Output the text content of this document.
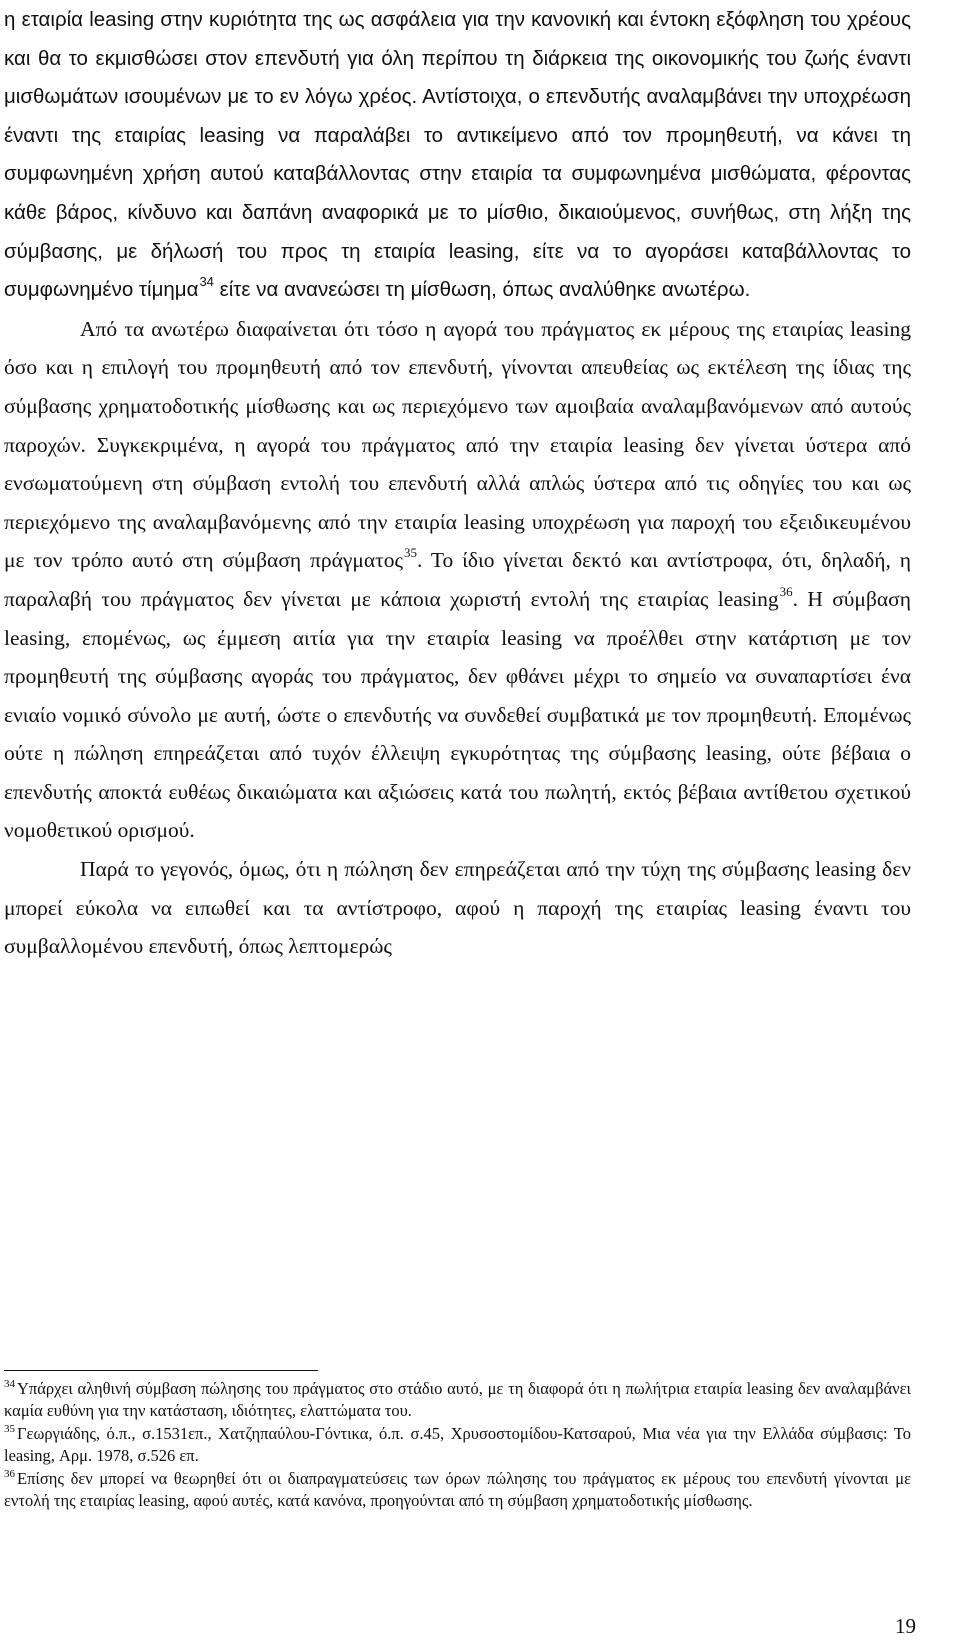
η εταιρία leasing στην κυριότητα της ως ασφάλεια για την κανονική και έντοκη εξόφληση του χρέους και θα το εκμισθώσει στον επενδυτή για όλη περίπου τη διάρκεια της οικονομικής του ζωής έναντι μισθωμάτων ισουμένων με το εν λόγω χρέος. Αντίστοιχα, ο επενδυτής αναλαμβάνει την υποχρέωση έναντι της εταιρίας leasing να παραλάβει το αντικείμενο από τον προμηθευτή, να κάνει τη συμφωνημένη χρήση αυτού καταβάλλοντας στην εταιρία τα συμφωνημένα μισθώματα, φέροντας κάθε βάρος, κίνδυνο και δαπάνη αναφορικά με το μίσθιο, δικαιούμενος, συνήθως, στη λήξη της σύμβασης, με δήλωσή του προς τη εταιρία leasing, είτε να το αγοράσει καταβάλλοντας το συμφωνημένο τίμημα$^{34}$ είτε να ανανεώσει τη μίσθωση, όπως αναλύθηκε ανωτέρω.

Από τα ανωτέρω διαφαίνεται ότι τόσο η αγορά του πράγματος εκ μέρους της εταιρίας leasing όσο και η επιλογή του προμηθευτή από τον επενδυτή, γίνονται απευθείας ως εκτέλεση της ίδιας της σύμβασης χρηματοδοτικής μίσθωσης και ως περιεχόμενο των αμοιβαία αναλαμβανόμενων από αυτούς παροχών. Συγκεκριμένα, η αγορά του πράγματος από την εταιρία leasing δεν γίνεται ύστερα από ενσωματούμενη στη σύμβαση εντολή του επενδυτή αλλά απλώς ύστερα από τις οδηγίες του και ως περιεχόμενο της αναλαμβανόμενης από την εταιρία leasing υποχρέωση για παροχή του εξειδικευμένου με τον τρόπο αυτό στη σύμβαση πράγματος$^{35}$. Το ίδιο γίνεται δεκτό και αντίστροφα, ότι, δηλαδή, η παραλαβή του πράγματος δεν γίνεται με κάποια χωριστή εντολή της εταιρίας leasing$^{36}$. Η σύμβαση leasing, επομένως, ως έμμεση αιτία για την εταιρία leasing να προέλθει στην κατάρτιση με τον προμηθευτή της σύμβασης αγοράς του πράγματος, δεν φθάνει μέχρι το σημείο να συναπαρτίσει ένα ενιαίο νομικό σύνολο με αυτή, ώστε ο επενδυτής να συνδεθεί συμβατικά με τον προμηθευτή. Επομένως ούτε η πώληση επηρεάζεται από τυχόν έλλειψη εγκυρότητας της σύμβασης leasing, ούτε βέβαια ο επενδυτής αποκτά ευθέως δικαιώματα και αξιώσεις κατά του πωλητή, εκτός βέβαια αντίθετου σχετικού νομοθετικού ορισμού.

Παρά το γεγονός, όμως, ότι η πώληση δεν επηρεάζεται από την τύχη της σύμβασης leasing δεν μπορεί εύκολα να ειπωθεί και τα αντίστροφο, αφού η παροχή της εταιρίας leasing έναντι του συμβαλλομένου επενδυτή, όπως λεπτομερώς

$^{34}$ Υπάρχει αληθινή σύμβαση πώλησης του πράγματος στο στάδιο αυτό, με τη διαφορά ότι η πωλήτρια εταιρία leasing δεν αναλαμβάνει καμία ευθύνη για την κατάσταση, ιδιότητες, ελαττώματα του.

$^{35}$ Γεωργιάδης, ό.π., σ.1531επ., Χατζηπαύλου-Γόντικα, ό.π. σ.45, Χρυσοστομίδου-Κατσαρού, Μια νέα για την Ελλάδα σύμβασις: Το leasing, Αρμ. 1978, σ.526 επ.

$^{36}$ Επίσης δεν μπορεί να θεωρηθεί ότι οι διαπραγματεύσεις των όρων πώλησης του πράγματος εκ μέρους του επενδυτή γίνονται με εντολή της εταιρίας leasing, αφού αυτές, κατά κανόνα, προηγούνται από τη σύμβαση χρηματοδοτικής μίσθωσης.

19
